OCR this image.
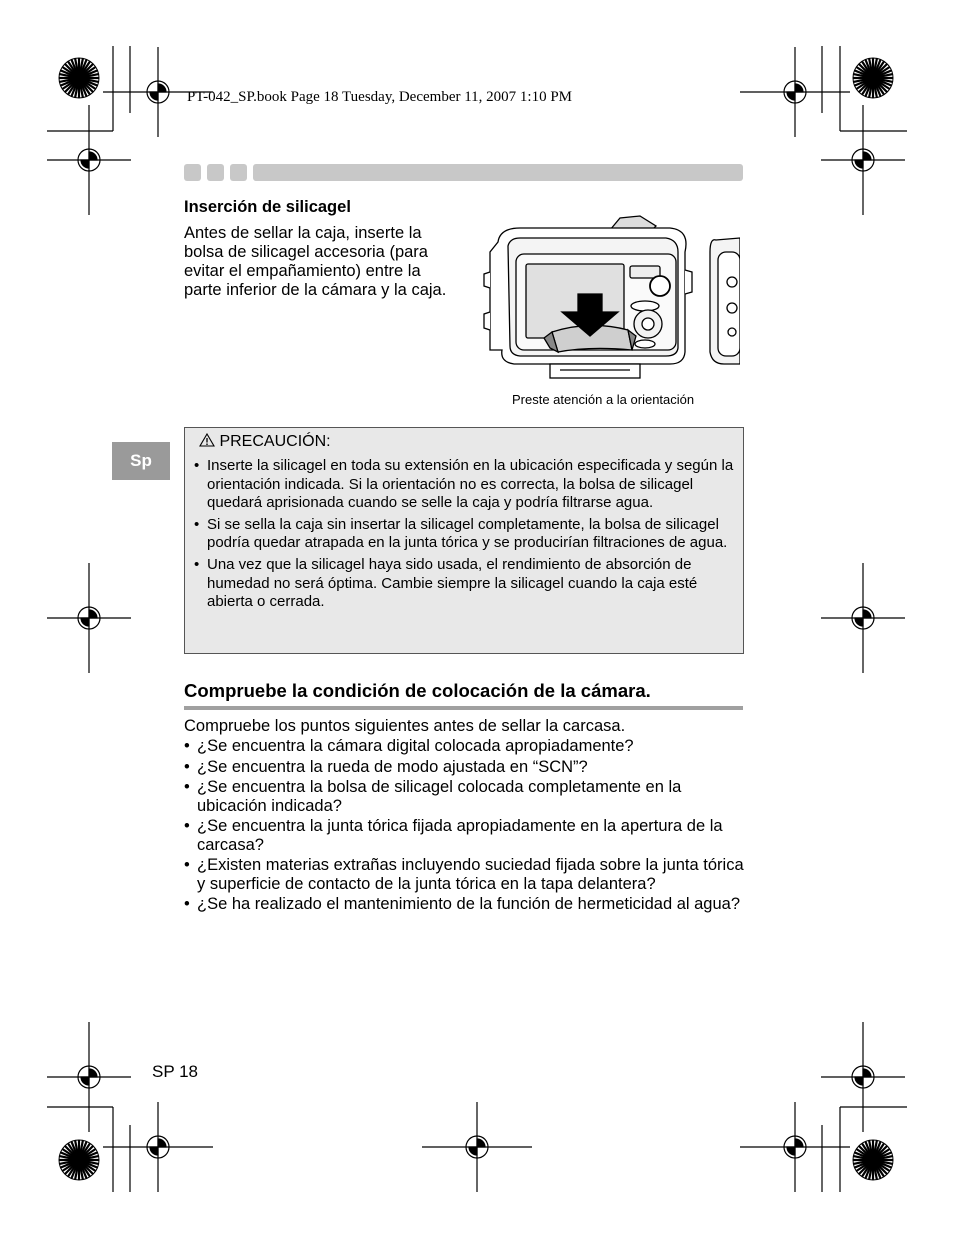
PT-042_SP.book Page 18 Tuesday, December 11, 2007 1:10 PM
Inserción de silicagel
Antes de sellar la caja, inserte la
bolsa de silicagel accesoria (para
evitar el empañamiento) entre la
parte inferior de la cámara y la caja.
Preste atención a la orientación
Sp
PRECAUCIÓN:
• Inserte la silicagel en toda su extensión en la ubicación especificada y según la orientación indicada. Si la orientación no es correcta, la bolsa de silicagel quedará aprisionada cuando se selle la caja y podría filtrarse agua.
• Si se sella la caja sin insertar la silicagel completamente, la bolsa de silicagel podría quedar atrapada en la junta tórica y se producirían filtraciones de agua.
• Una vez que la silicagel haya sido usada, el rendimiento de absorción de humedad no será óptima. Cambie siempre la silicagel cuando la caja esté abierta o cerrada.
Compruebe la condición de colocación de la cámara.
Compruebe los puntos siguientes antes de sellar la carcasa.
• ¿Se encuentra la cámara digital colocada apropiadamente?
• ¿Se encuentra la rueda de modo ajustada en “SCN”?
• ¿Se encuentra la bolsa de silicagel colocada completamente en la ubicación indicada?
• ¿Se encuentra la junta tórica fijada apropiadamente en la apertura de la carcasa?
• ¿Existen materias extrañas incluyendo suciedad fijada sobre la junta tórica y superficie de contacto de la junta tórica en la tapa delantera?
• ¿Se ha realizado el mantenimiento de la función de hermeticidad al agua?
SP 18
